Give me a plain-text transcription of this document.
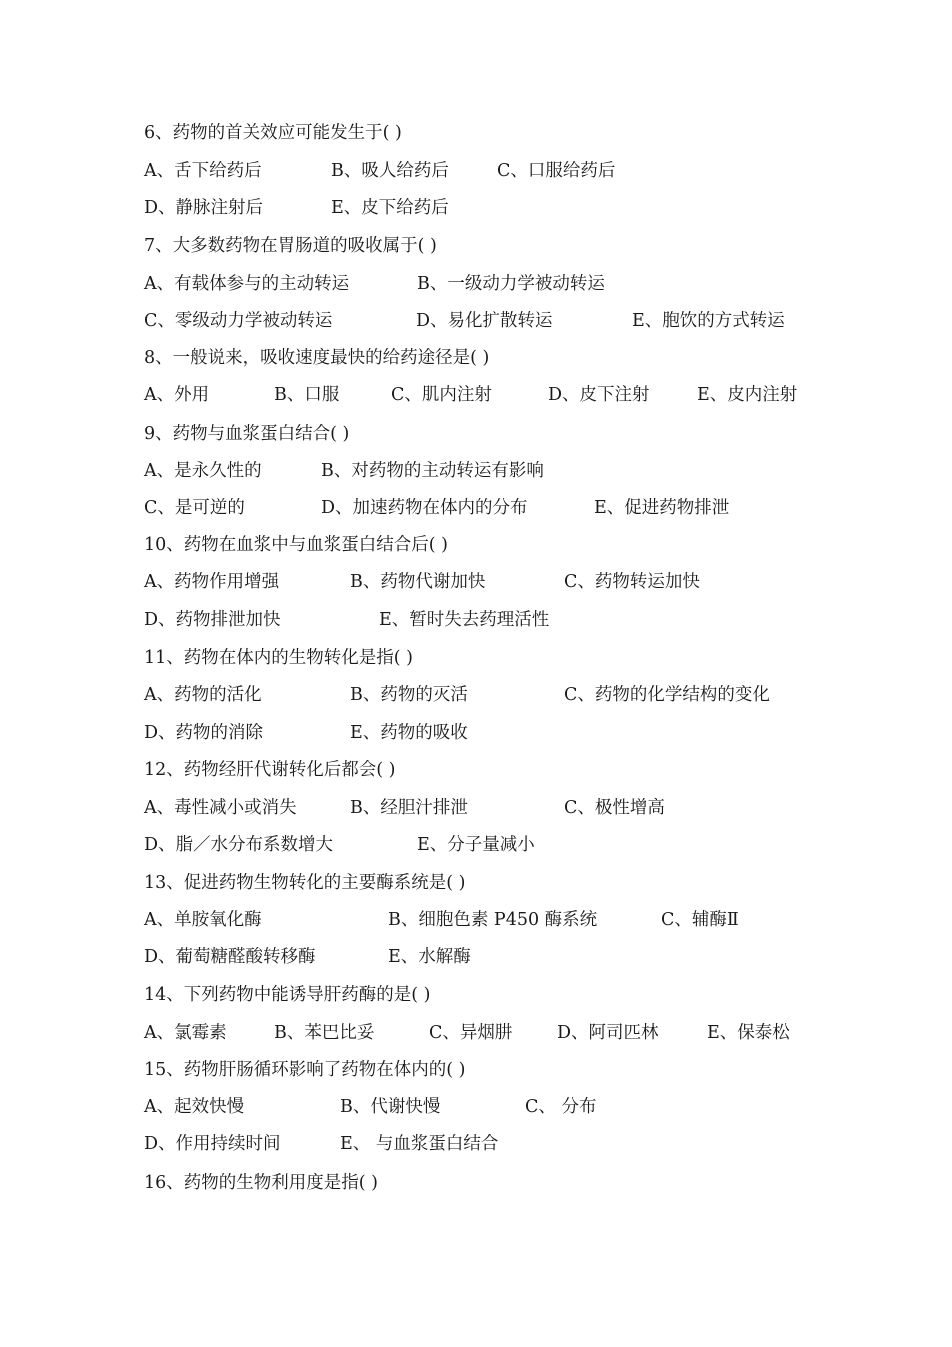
6、药物的首关效应可能发生于( )
A、舌下给药后	B、吸人给药后	C、口服给药后
D、静脉注射后	E、皮下给药后
7、大多数药物在胃肠道的吸收属于( )
A、有载体参与的主动转运	B、一级动力学被动转运
C、零级动力学被动转运	D、易化扩散转运	E、胞饮的方式转运
8、一般说来，吸收速度最快的给药途径是( )
A、外用	B、口服	C、肌内注射	D、皮下注射	E、皮内注射
9、药物与血浆蛋白结合( )
A、是永久性的	B、对药物的主动转运有影响
C、是可逆的	D、加速药物在体内的分布	E、促进药物排泄
10、药物在血浆中与血浆蛋白结合后( )
A、药物作用增强	B、药物代谢加快	C、药物转运加快
D、药物排泄加快	E、暂时失去药理活性
11、药物在体内的生物转化是指( )
A、药物的活化	B、药物的灭活	C、药物的化学结构的变化
D、药物的消除	E、药物的吸收
12、药物经肝代谢转化后都会( )
A、毒性减小或消失	B、经胆汁排泄	C、极性增高
D、脂／水分布系数增大	E、分子量减小
13、促进药物生物转化的主要酶系统是( )
A、单胺氧化酶	B、细胞色素 P450 酶系统	C、辅酶Ⅱ
D、葡萄糖醛酸转移酶	E、水解酶
14、下列药物中能诱导肝药酶的是( )
A、氯霉素	B、苯巴比妥	C、异烟肼	D、阿司匹林	E、保泰松
15、药物肝肠循环影响了药物在体内的( )
A、起效快慢	B、代谢快慢	C、 分布
D、作用持续时间	E、 与血浆蛋白结合
16、药物的生物利用度是指( )
